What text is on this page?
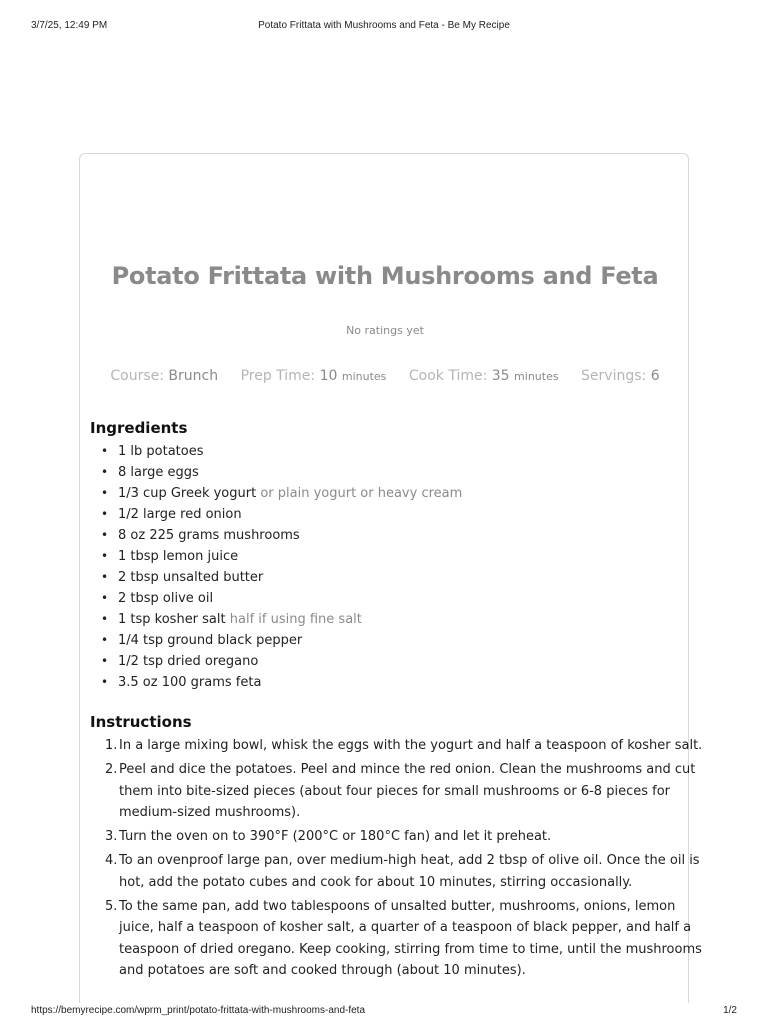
3/7/25, 12:49 PM	Potato Frittata with Mushrooms and Feta - Be My Recipe
Potato Frittata with Mushrooms and Feta
No ratings yet
Course: Brunch Prep Time: 10 minutes Cook Time: 35 minutes Servings: 6
Ingredients
• 1 lb potatoes
• 8 large eggs
• 1/3 cup Greek yogurt or plain yogurt or heavy cream
• 1/2 large red onion
• 8 oz 225 grams mushrooms
• 1 tbsp lemon juice
• 2 tbsp unsalted butter
• 2 tbsp olive oil
• 1 tsp kosher salt half if using fine salt
• 1/4 tsp ground black pepper
• 1/2 tsp dried oregano
• 3.5 oz 100 grams feta
Instructions
1. In a large mixing bowl, whisk the eggs with the yogurt and half a teaspoon of kosher salt.
2. Peel and dice the potatoes. Peel and mince the red onion. Clean the mushrooms and cut them into bite-sized pieces (about four pieces for small mushrooms or 6-8 pieces for medium-sized mushrooms).
3. Turn the oven on to 390°F (200°C or 180°C fan) and let it preheat.
4. To an ovenproof large pan, over medium-high heat, add 2 tbsp of olive oil. Once the oil is hot, add the potato cubes and cook for about 10 minutes, stirring occasionally.
5. To the same pan, add two tablespoons of unsalted butter, mushrooms, onions, lemon juice, half a teaspoon of kosher salt, a quarter of a teaspoon of black pepper, and half a teaspoon of dried oregano. Keep cooking, stirring from time to time, until the mushrooms and potatoes are soft and cooked through (about 10 minutes).
https://bemyrecipe.com/wprm_print/potato-frittata-with-mushrooms-and-feta	1/2
